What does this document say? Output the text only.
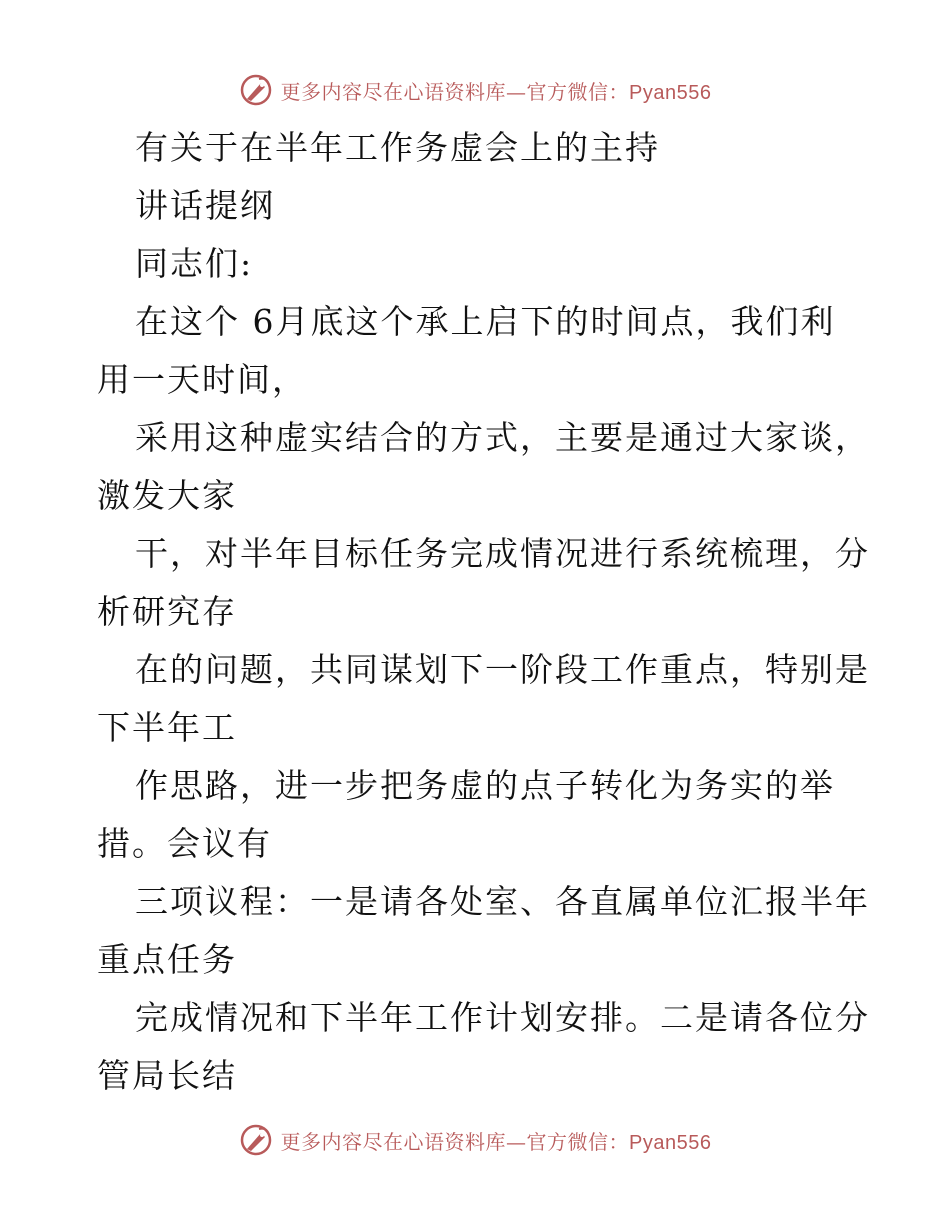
更多内容尽在心语资料库—官方微信：Pyan556
有关于在半年工作务虚会上的主持
讲话提纲
同志们:
在这个 6月底这个承上启下的时间点，我们利
用一天时间，
采用这种虚实结合的方式，主要是通过大家谈，
激发大家
干，对半年目标任务完成情况进行系统梳理，分
析研究存
在的问题，共同谋划下一阶段工作重点，特别是
下半年工
作思路，进一步把务虚的点子转化为务实的举
措。会议有
三项议程：一是请各处室、各直属单位汇报半年
重点任务
完成情况和下半年工作计划安排。二是请各位分
管局长结
更多内容尽在心语资料库—官方微信：Pyan556
